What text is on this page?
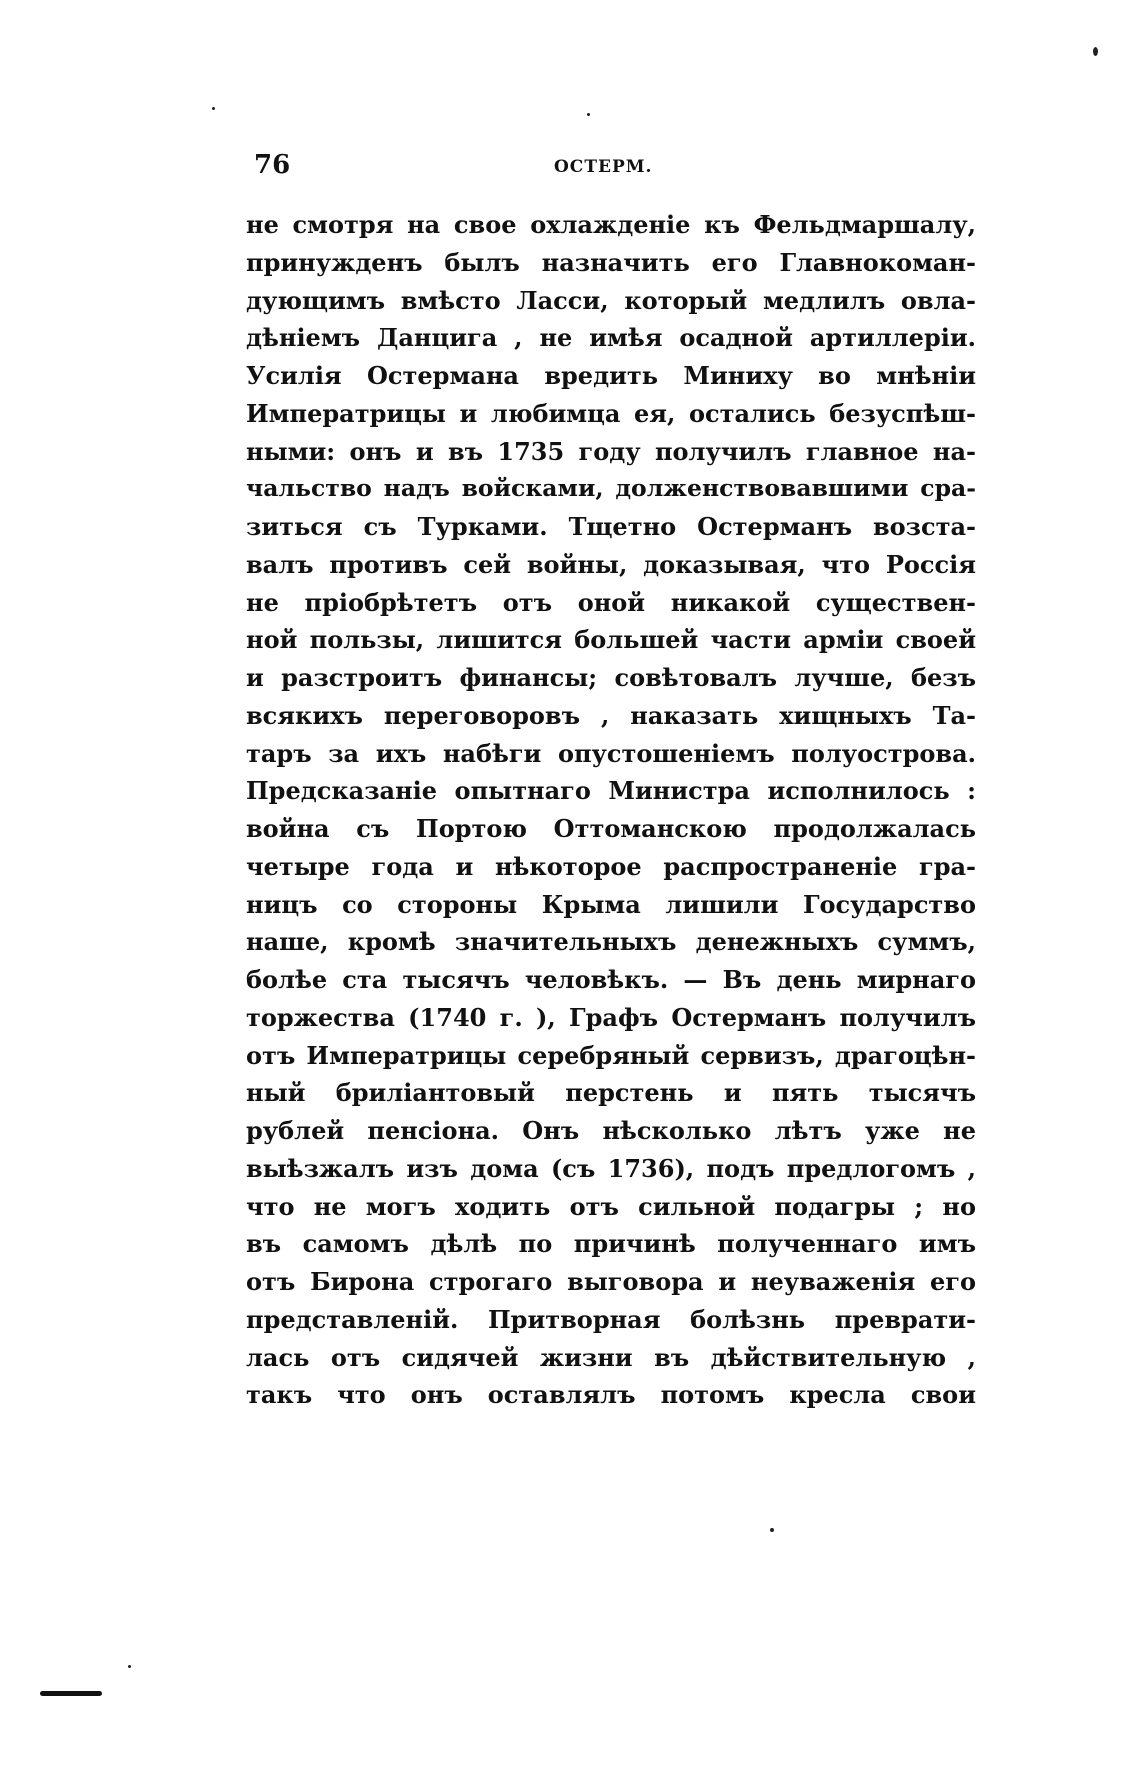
76	ОСТЕРМ.
не смотря на свое охлажденіе къ Фельдмаршалу,
принужденъ былъ назначить его Главнокоман-
дующимъ вмѣсто Ласси, который медлилъ овла-
дѣніемъ Данцига , не имѣя осадной артиллеріи.
Усилія Остермана вредить Миниху во мнѣніи
Императрицы и любимца ея, остались безуспѣш-
ными: онъ и въ 1735 году получилъ главное на-
чальство надъ войсками, долженствовавшими сра-
зиться съ Турками. Тщетно Остерманъ возста-
валъ противъ сей войны, доказывая, что Россія
не пріобрѣтетъ отъ оной никакой существен-
ной пользы, лишится большей части арміи своей
и разстроитъ финансы; совѣтовалъ лучше, безъ
всякихъ переговоровъ , наказать хищныхъ Та-
таръ за ихъ набѣги опустошеніемъ полуострова.
Предсказаніе опытнаго Министра исполнилось :
война съ Портою Оттоманскою продолжалась
четыре года и нѣкоторое распространеніе гра-
ницъ со стороны Крыма лишили Государство
наше, кромѣ значительныхъ денежныхъ суммъ,
болѣе ста тысячъ человѣкъ. — Въ день мирнаго
торжества (1740 г. ), Графъ Остерманъ получилъ
отъ Императрицы серебряный сервизъ, драгоцѣн-
ный бриліантовый перстень и пять тысячъ
рублей пенсіона. Онъ нѣсколько лѣтъ уже не
выѣзжалъ изъ дома (съ 1736), подъ предлогомъ ,
что не могъ ходить отъ сильной подагры ; но
въ самомъ дѣлѣ по причинѣ полученнаго имъ
отъ Бирона строгаго выговора и неуваженія его
представленій. Притворная болѣзнь преврати-
лась отъ сидячей жизни въ дѣйствительную ,
такъ что онъ оставлялъ потомъ кресла свои
